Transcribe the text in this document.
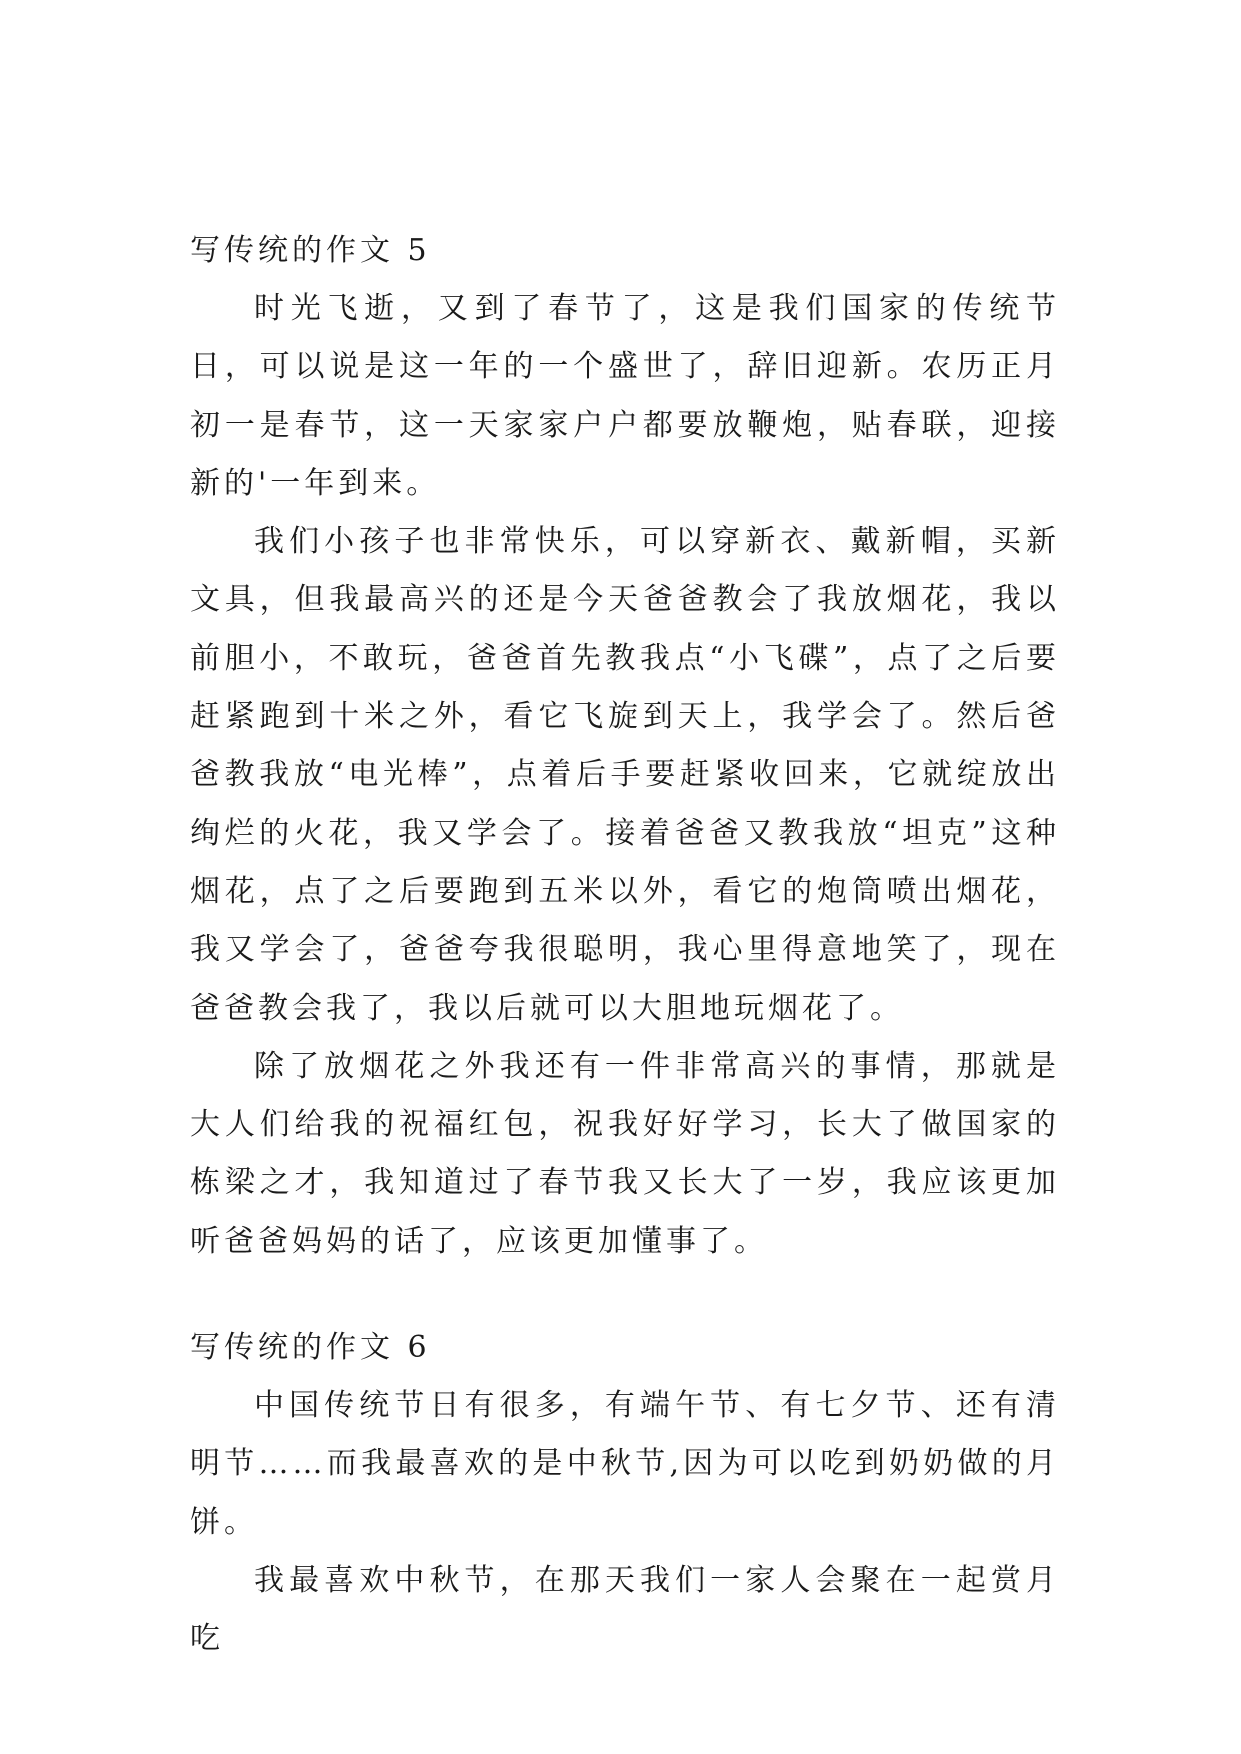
写传统的作文 5

时光飞逝，又到了春节了，这是我们国家的传统节日，可以说是这一年的一个盛世了，辞旧迎新。农历正月初一是春节，这一天家家户户都要放鞭炮，贴春联，迎接新的'一年到来。

我们小孩子也非常快乐，可以穿新衣、戴新帽，买新文具，但我最高兴的还是今天爸爸教会了我放烟花，我以前胆小，不敢玩，爸爸首先教我点“小飞碟”，点了之后要赶紧跑到十米之外，看它飞旋到天上，我学会了。然后爸爸教我放“电光棒”，点着后手要赶紧收回来，它就绽放出绚烂的火花，我又学会了。接着爸爸又教我放“坦克”这种烟花，点了之后要跑到五米以外，看它的炮筒喷出烟花，我又学会了，爸爸夸我很聪明，我心里得意地笑了，现在爸爸教会我了，我以后就可以大胆地玩烟花了。

除了放烟花之外我还有一件非常高兴的事情，那就是大人们给我的祝福红包，祝我好好学习，长大了做国家的栋梁之才，我知道过了春节我又长大了一岁，我应该更加听爸爸妈妈的话了，应该更加懂事了。

写传统的作文 6

中国传统节日有很多，有端午节、有七夕节、还有清明节……而我最喜欢的是中秋节,因为可以吃到奶奶做的月饼。

我最喜欢中秋节，在那天我们一家人会聚在一起赏月吃
